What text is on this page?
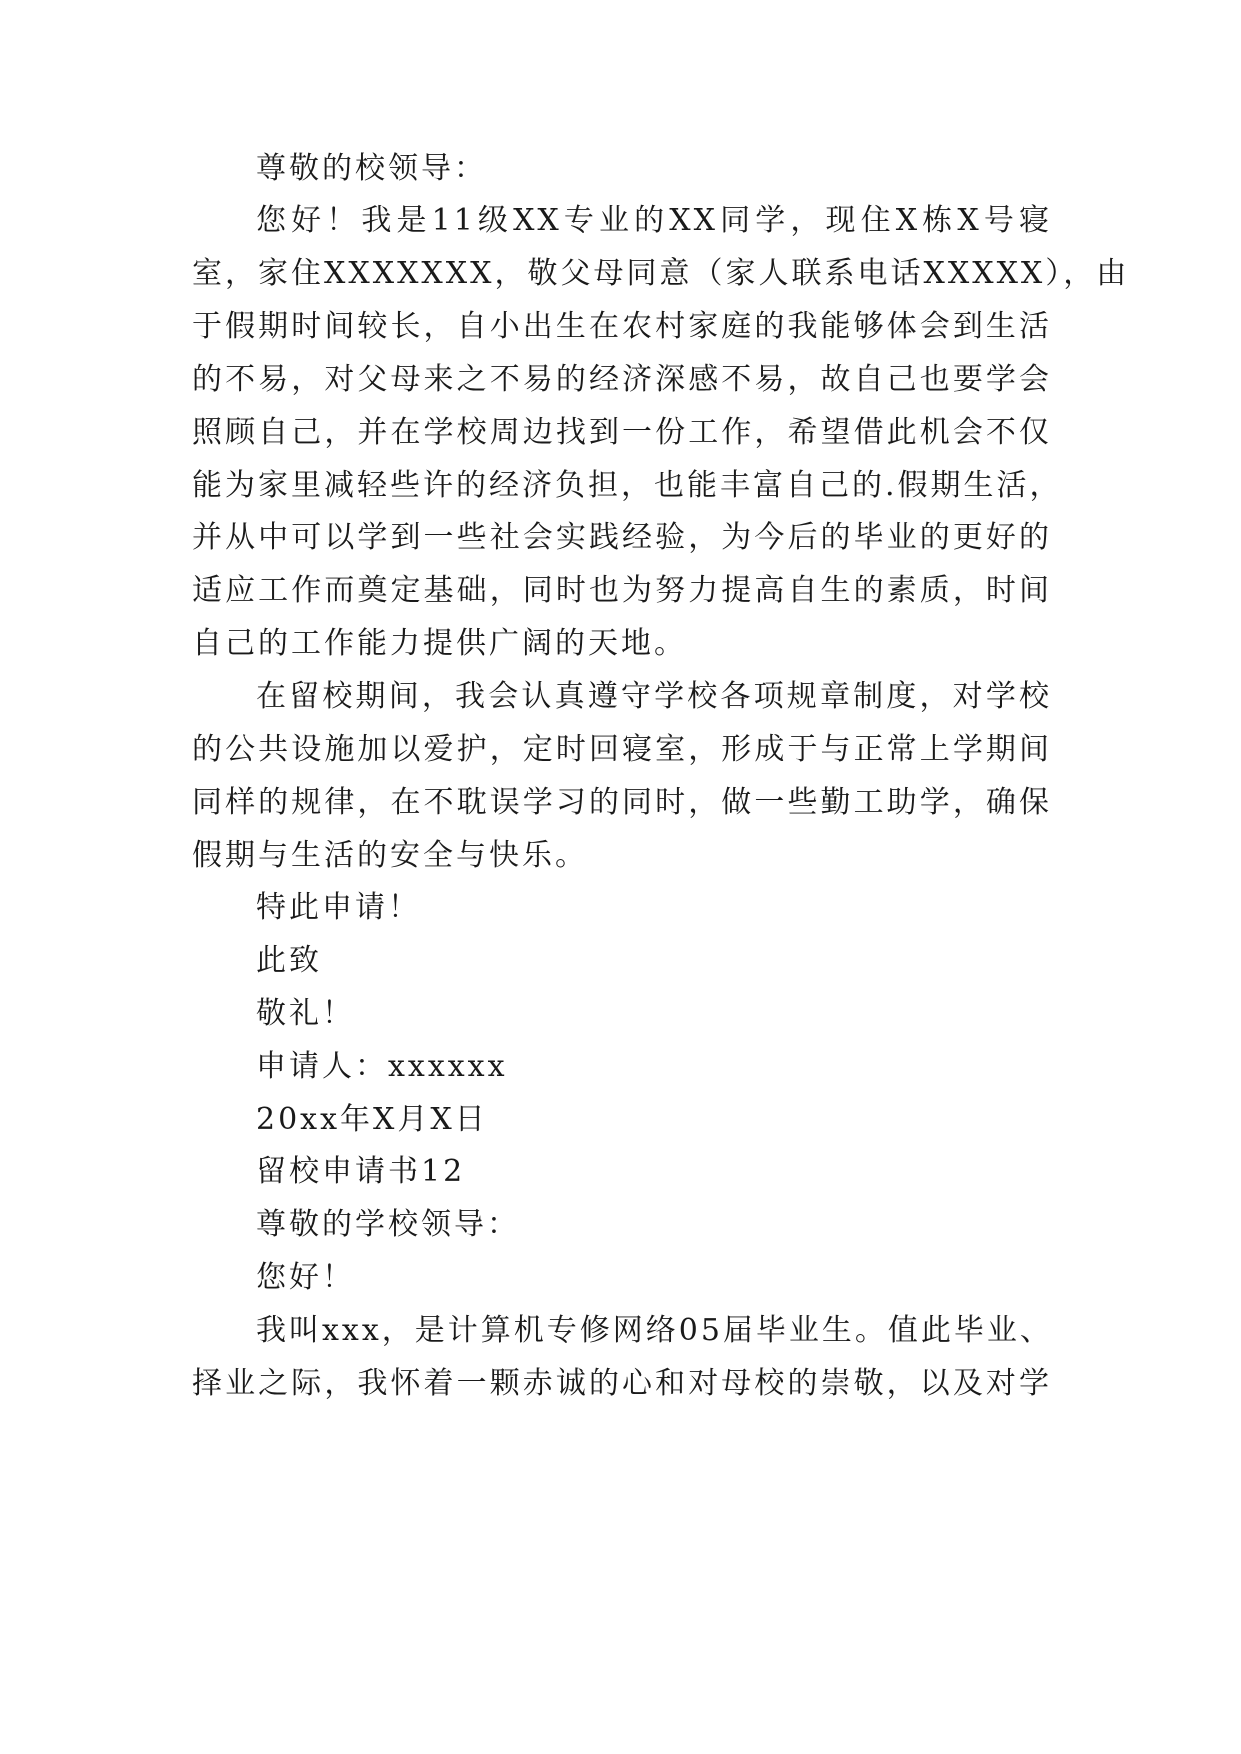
尊敬的校领导：
您好！我是11级XX专业的XX同学，现住X栋X号寝
室，家住XXXXXXX，敬父母同意（家人联系电话XXXXX），由
于假期时间较长，自小出生在农村家庭的我能够体会到生活
的不易，对父母来之不易的经济深感不易，故自己也要学会
照顾自己，并在学校周边找到一份工作，希望借此机会不仅
能为家里减轻些许的经济负担，也能丰富自己的.假期生活，
并从中可以学到一些社会实践经验，为今后的毕业的更好的
适应工作而奠定基础，同时也为努力提高自生的素质，时间
自己的工作能力提供广阔的天地。
在留校期间，我会认真遵守学校各项规章制度，对学校
的公共设施加以爱护，定时回寝室，形成于与正常上学期间
同样的规律，在不耽误学习的同时，做一些勤工助学，确保
假期与生活的安全与快乐。
特此申请！
此致
敬礼！
申请人：xxxxxx
20xx年X月X日
留校申请书12
尊敬的学校领导：
您好！
我叫xxx，是计算机专修网络05届毕业生。值此毕业、
择业之际，我怀着一颗赤诚的心和对母校的崇敬，以及对学
